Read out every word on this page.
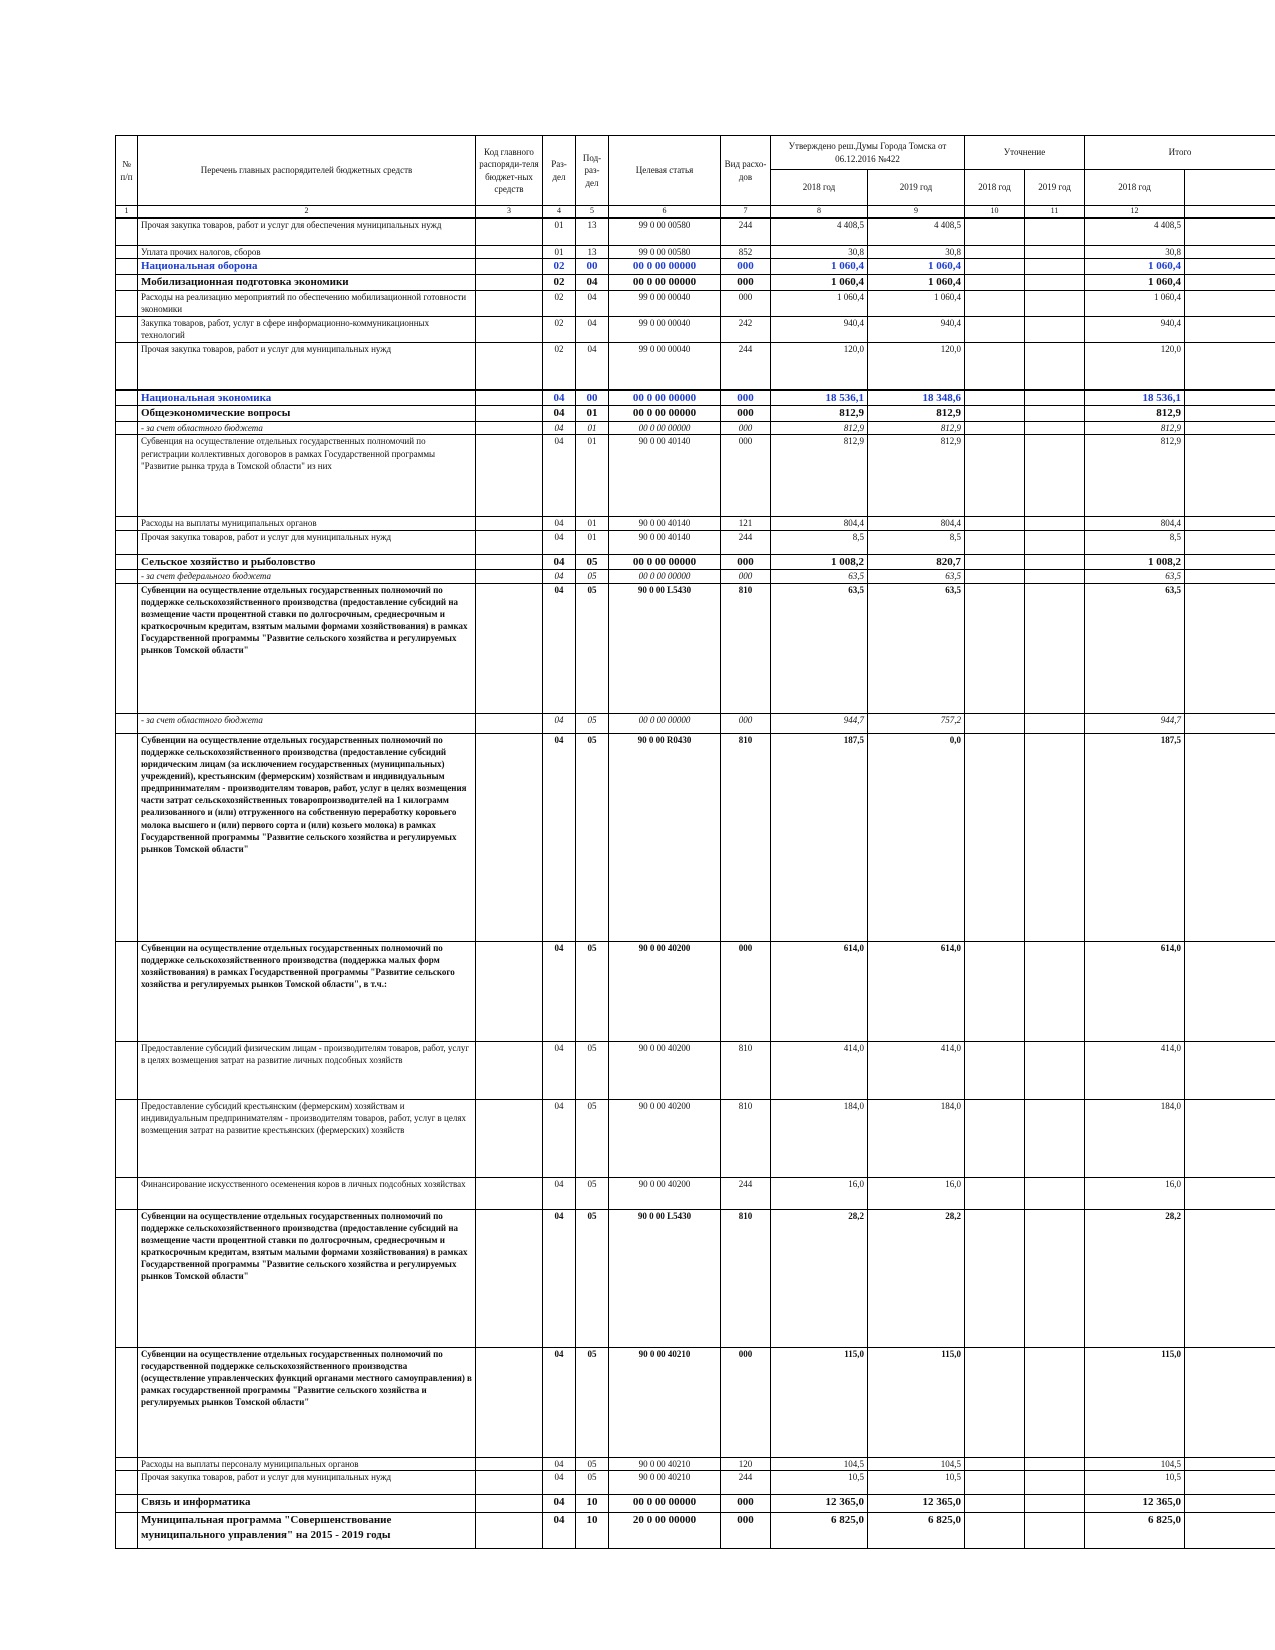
№ п/п	Перечень главных распорядителей бюджетных средств	Код главного распоряди-теля бюджет-ных средств	Раз-дел	Под-раз-дел	Целевая статья	Вид расхо-дов	Утверждено реш.Думы Города Томска от 06.12.2016 №422		Уточнение		Итого	
							2018 год	2019 год	2018 год	2019 год	2018 год	
1	2	3	4	5	6	7	8	9	10	11	12	
	Прочая закупка товаров, работ и услуг для обеспечения муниципальных нужд		01	13	99 0 00 00580	244	4 408,5	4 408,5			4 408,5	
	Уплата прочих налогов, сборов		01	13	99 0 00 00580	852	30,8	30,8			30,8	
	Национальная оборона		02	00	00 0 00 00000	000	1 060,4	1 060,4			1 060,4	
	Мобилизационная подготовка экономики		02	04	00 0 00 00000	000	1 060,4	1 060,4			1 060,4	
	Расходы на реализацию мероприятий по обеспечению мобилизационной готовности экономики		02	04	99 0 00 00040	000	1 060,4	1 060,4			1 060,4	
	Закупка товаров, работ, услуг в сфере информационно-коммуникационных технологий		02	04	99 0 00 00040	242	940,4	940,4			940,4	
	Прочая закупка товаров, работ и услуг для муниципальных нужд		02	04	99 0 00 00040	244	120,0	120,0			120,0	
	Национальная экономика		04	00	00 0 00 00000	000	18 536,1	18 348,6			18 536,1	
	Общеэкономические вопросы		04	01	00 0 00 00000	000	812,9	812,9			812,9	
	- за счет областного бюджета		04	01	00 0 00 00000	000	812,9	812,9			812,9	
	Субвенция на осуществление отдельных государственных полномочий по регистрации коллективных договоров в рамках Государственной программы "Развитие рынка труда в Томской области" из них		04	01	90 0 00 40140	000	812,9	812,9			812,9	
	Расходы на выплаты муниципальных органов		04	01	90 0 00 40140	121	804,4	804,4			804,4	
	Прочая закупка товаров, работ и услуг для муниципальных нужд		04	01	90 0 00 40140	244	8,5	8,5			8,5	
	Сельское хозяйство и рыболовство		04	05	00 0 00 00000	000	1 008,2	820,7			1 008,2	
	- за счет федерального бюджета		04	05	00 0 00 00000	000	63,5	63,5			63,5	
	Субвенции на осуществление отдельных государственных полномочий по поддержке сельскохозяйственного производства (предоставление субсидий на возмещение части процентной ставки по долгосрочным, среднесрочным и краткосрочным кредитам, взятым малыми формами хозяйствования) в рамках Государственной программы "Развитие сельского хозяйства и регулируемых рынков Томской области"		04	05	90 0 00 L5430	810	63,5	63,5			63,5	
	- за счет областного бюджета		04	05	00 0 00 00000	000	944,7	757,2			944,7	
	Субвенции на осуществление отдельных государственных полномочий по поддержке сельскохозяйственного производства (предоставление субсидий юридическим лицам (за исключением государственных (муниципальных) учреждений), крестьянским (фермерским) хозяйствам и индивидуальным предпринимателям - производителям товаров, работ, услуг в целях возмещения части затрат сельскохозяйственных товаропроизводителей на 1 килограмм реализованного и (или) отгруженного на собственную переработку коровьего молока высшего и (или) первого сорта и (или) козьего молока) в рамках Государственной программы "Развитие сельского хозяйства и регулируемых рынков Томской области"		04	05	90 0 00 R0430	810	187,5	0,0			187,5	
	Субвенции на осуществление отдельных государственных полномочий по поддержке сельскохозяйственного производства (поддержка малых форм хозяйствования) в рамках Государственной программы "Развитие сельского хозяйства и регулируемых рынков Томской области", в т.ч.:		04	05	90 0 00 40200	000	614,0	614,0			614,0	
	Предоставление субсидий физическим лицам - производителям товаров, работ, услуг в целях возмещения затрат на развитие личных подсобных хозяйств		04	05	90 0 00 40200	810	414,0	414,0			414,0	
	Предоставление субсидий крестьянским (фермерским) хозяйствам и индивидуальным предпринимателям - производителям товаров, работ, услуг в целях возмещения затрат на развитие крестьянских (фермерских) хозяйств		04	05	90 0 00 40200	810	184,0	184,0			184,0	
	Финансирование искусственного осеменения коров в личных подсобных хозяйствах		04	05	90 0 00 40200	244	16,0	16,0			16,0	
	Субвенции на осуществление отдельных государственных полномочий по поддержке сельскохозяйственного производства (предоставление субсидий на возмещение части процентной ставки по долгосрочным, среднесрочным и краткосрочным кредитам, взятым малыми формами хозяйствования) в рамках Государственной программы "Развитие сельского хозяйства и регулируемых рынков Томской области"		04	05	90 0 00 L5430	810	28,2	28,2			28,2	
	Субвенции на осуществление отдельных государственных полномочий по государственной поддержке сельскохозяйственного производства (осуществление управленческих функций органами местного самоуправления) в рамках государственной программы "Развитие сельского хозяйства и регулируемых рынков Томской области"		04	05	90 0 00 40210	000	115,0	115,0			115,0	
	Расходы на выплаты персоналу муниципальных органов		04	05	90 0 00 40210	120	104,5	104,5			104,5	
	Прочая закупка товаров, работ и услуг для муниципальных нужд		04	05	90 0 00 40210	244	10,5	10,5			10,5	
	Связь и информатика		04	10	00 0 00 00000	000	12 365,0	12 365,0			12 365,0	
	Муниципальная программа "Совершенствование муниципального управления" на 2015 - 2019 годы		04	10	20 0 00 00000	000	6 825,0	6 825,0			6 825,0	
